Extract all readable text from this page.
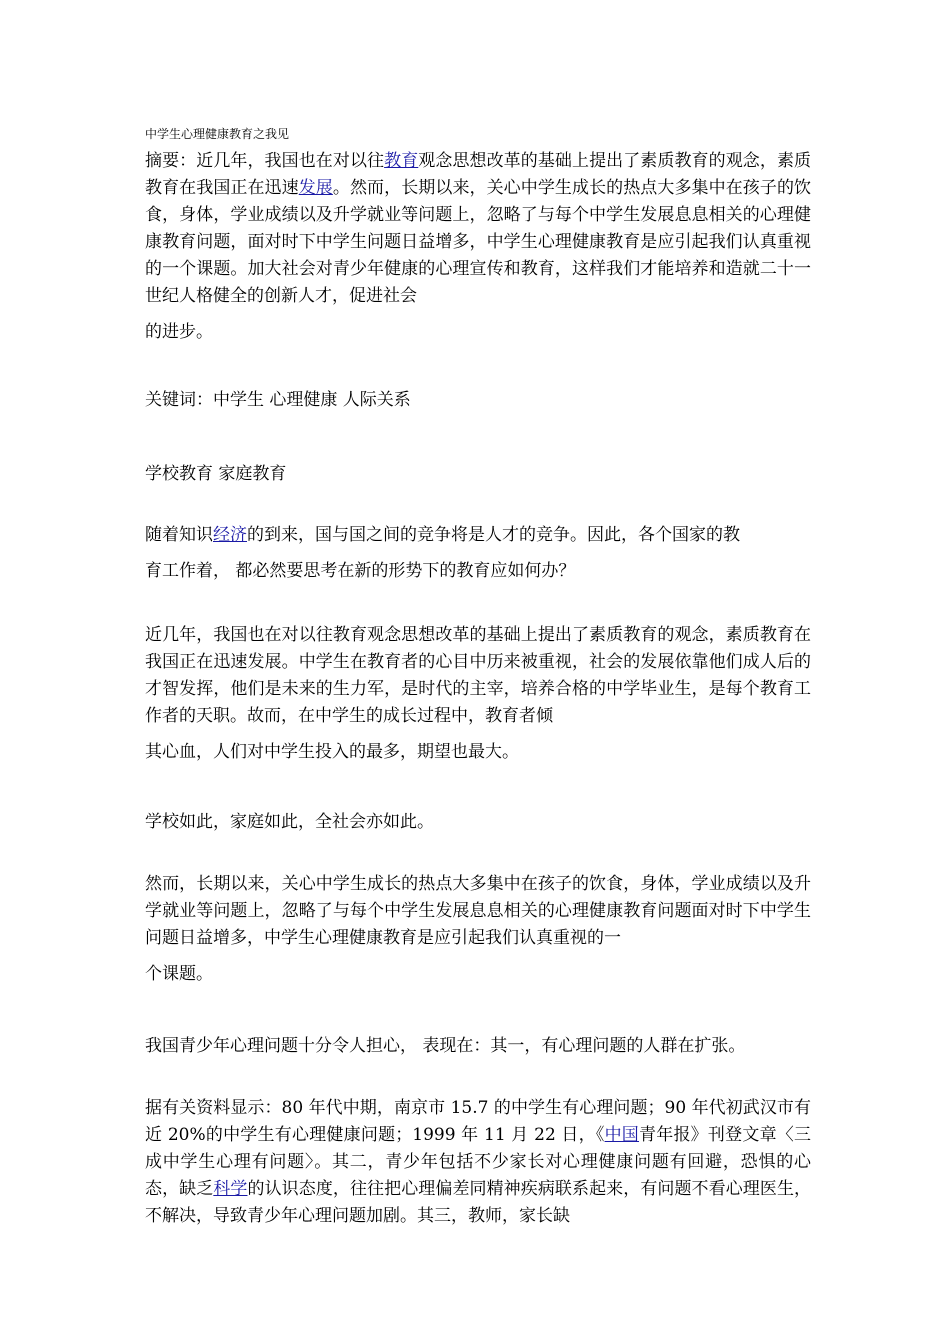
中学生心理健康教育之我见

摘要：近几年，我国也在对以往教育观念思想改革的基础上提出了素质教育的观念，素质教育在我国正在迅速发展。然而，长期以来，关心中学生成长的热点大多集中在孩子的饮食，身体，学业成绩以及升学就业等问题上，忽略了与每个中学生发展息息相关的心理健康教育问题，面对时下中学生问题日益增多，中学生心理健康教育是应引起我们认真重视的一个课题。加大社会对青少年健康的心理宣传和教育，这样我们才能培养和造就二十一世纪人格健全的创新人才，促进社会
的进步。

关键词：中学生 心理健康 人际关系

学校教育 家庭教育

随着知识经济的到来，国与国之间的竞争将是人才的竞争。因此，各个国家的教
育工作着， 都必然要思考在新的形势下的教育应如何办？

近几年，我国也在对以往教育观念思想改革的基础上提出了素质教育的观念，素质教育在我国正在迅速发展。中学生在教育者的心目中历来被重视，社会的发展依靠他们成人后的才智发挥，他们是未来的生力军，是时代的主宰，培养合格的中学毕业生，是每个教育工作者的天职。故而，在中学生的成长过程中，教育者倾
其心血，人们对中学生投入的最多，期望也最大。

学校如此，家庭如此，全社会亦如此。

然而，长期以来，关心中学生成长的热点大多集中在孩子的饮食，身体，学业成绩以及升学就业等问题上，忽略了与每个中学生发展息息相关的心理健康教育问题面对时下中学生问题日益增多，中学生心理健康教育是应引起我们认真重视的一
个课题。

我国青少年心理问题十分令人担心， 表现在：其一，有心理问题的人群在扩张。

据有关资料显示：80 年代中期，南京市 15.7 的中学生有心理问题；90 年代初武汉市有近 20%的中学生有心理健康问题；1999 年 11 月 22 日，《中国青年报》刊登文章〈三成中学生心理有问题〉。其二，青少年包括不少家长对心理健康问题有回避，恐惧的心态，缺乏科学的认识态度，往往把心理偏差同精神疾病联系起来，有问题不看心理医生，不解决，导致青少年心理问题加剧。其三，教师，家长缺
